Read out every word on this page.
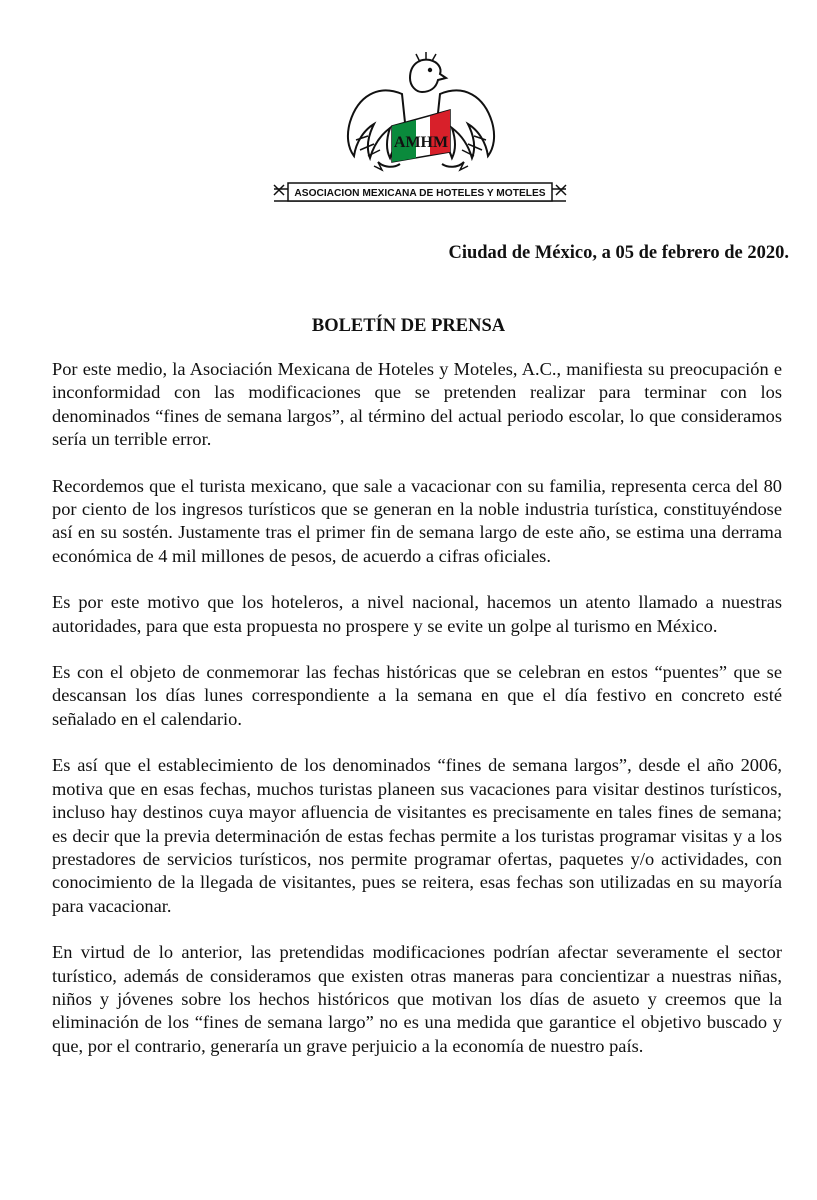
AMHM
ASOCIACION MEXICANA DE HOTELES Y MOTELES
Ciudad de México, a 05 de febrero de 2020.
BOLETÍN DE PRENSA

Por este medio, la Asociación Mexicana de Hoteles y Moteles, A.C., manifiesta su preocupación e inconformidad con las modificaciones que se pretenden realizar para terminar con los denominados “fines de semana largos”, al término del actual periodo escolar, lo que consideramos sería un terrible error.

Recordemos que el turista mexicano, que sale a vacacionar con su familia, representa cerca del 80 por ciento de los ingresos turísticos que se generan en la noble industria turística, constituyéndose así en su sostén. Justamente tras el primer fin de semana largo de este año, se estima una derrama económica de 4 mil millones de pesos, de acuerdo a cifras oficiales.

Es por este motivo que los hoteleros, a nivel nacional, hacemos un atento llamado a nuestras autoridades, para que esta propuesta no prospere y se evite un golpe al turismo en México.

Es con el objeto de conmemorar las fechas históricas que se celebran en estos “puentes” que se descansan los días lunes correspondiente a la semana en que el día festivo en concreto esté señalado en el calendario.

Es así que el establecimiento de los denominados “fines de semana largos”, desde el año 2006, motiva que en esas fechas, muchos turistas planeen sus vacaciones para visitar destinos turísticos, incluso hay destinos cuya mayor afluencia de visitantes es precisamente en tales fines de semana; es decir que la previa determinación de estas fechas permite a los turistas programar visitas y a los prestadores de servicios turísticos, nos permite programar ofertas, paquetes y/o actividades, con conocimiento de la llegada de visitantes, pues se reitera, esas fechas son utilizadas en su mayoría para vacacionar.

En virtud de lo anterior, las pretendidas modificaciones podrían afectar severamente el sector turístico, además de consideramos que existen otras maneras para concientizar a nuestras niñas, niños y jóvenes sobre los hechos históricos que motivan los días de asueto y creemos que la eliminación de los “fines de semana largo” no es una medida que garantice el objetivo buscado y que, por el contrario, generaría un grave perjuicio a la economía de nuestro país.
